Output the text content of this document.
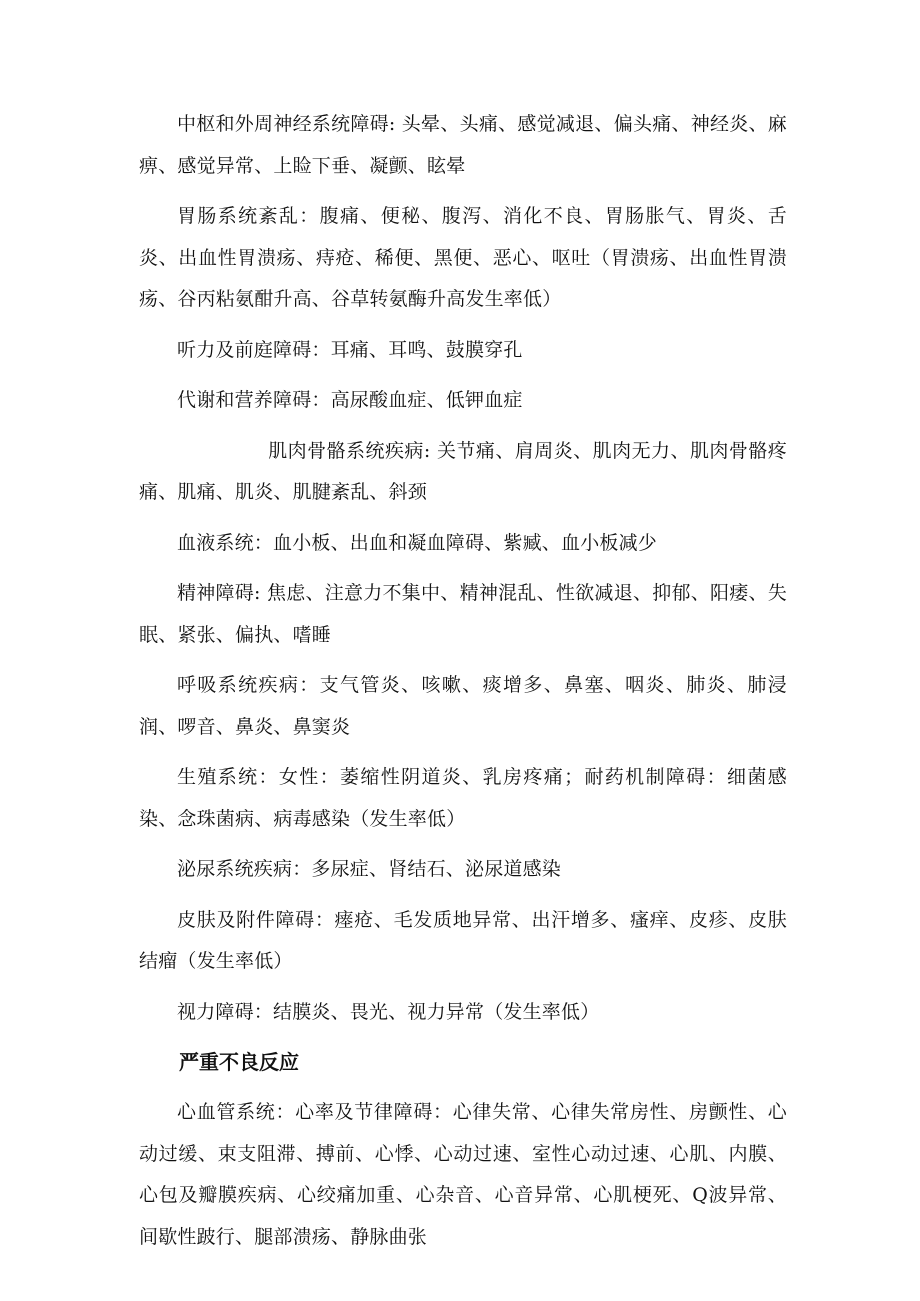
中枢和外周神经系统障碍: 头晕、头痛、感觉减退、偏头痛、神经炎、麻痹、感觉异常、上睑下垂、凝颤、眩晕

胃肠系统紊乱：腹痛、便秘、腹泻、消化不良、胃肠胀气、胃炎、舌炎、出血性胃溃疡、痔疮、稀便、黑便、恶心、呕吐（胃溃疡、出血性胃溃疡、谷丙粘氨酣升高、谷草转氨酶升高发生率低）

听力及前庭障碍：耳痛、耳鸣、鼓膜穿孔

代谢和营养障碍：高尿酸血症、低钾血症

肌肉骨骼系统疾病: 关节痛、肩周炎、肌肉无力、肌肉骨骼疼痛、肌痛、肌炎、肌腱紊乱、斜颈

血液系统：血小板、出血和凝血障碍、紫臧、血小板减少

精神障碍: 焦虑、注意力不集中、精神混乱、性欲减退、抑郁、阳痿、失眠、紧张、偏执、嗜睡

呼吸系统疾病：支气管炎、咳嗽、痰增多、鼻塞、咽炎、肺炎、肺浸润、啰音、鼻炎、鼻窦炎

生殖系统：女性：萎缩性阴道炎、乳房疼痛；耐药机制障碍：细菌感染、念珠菌病、病毒感染（发生率低）

泌尿系统疾病：多尿症、肾结石、泌尿道感染

皮肤及附件障碍：瘗疮、毛发质地异常、出汗增多、瘙痒、皮疹、皮肤结瘤（发生率低）

视力障碍：结膜炎、畏光、视力异常（发生率低）

严重不良反应

心血管系统：心率及节律障碍：心律失常、心律失常房性、房颤性、心动过缓、束支阻滞、搏前、心悸、心动过速、室性心动过速、心肌、内膜、心包及瓣膜疾病、心绞痛加重、心杂音、心音异常、心肌梗死、Q波异常、间歇性跛行、腿部溃疡、静脉曲张
